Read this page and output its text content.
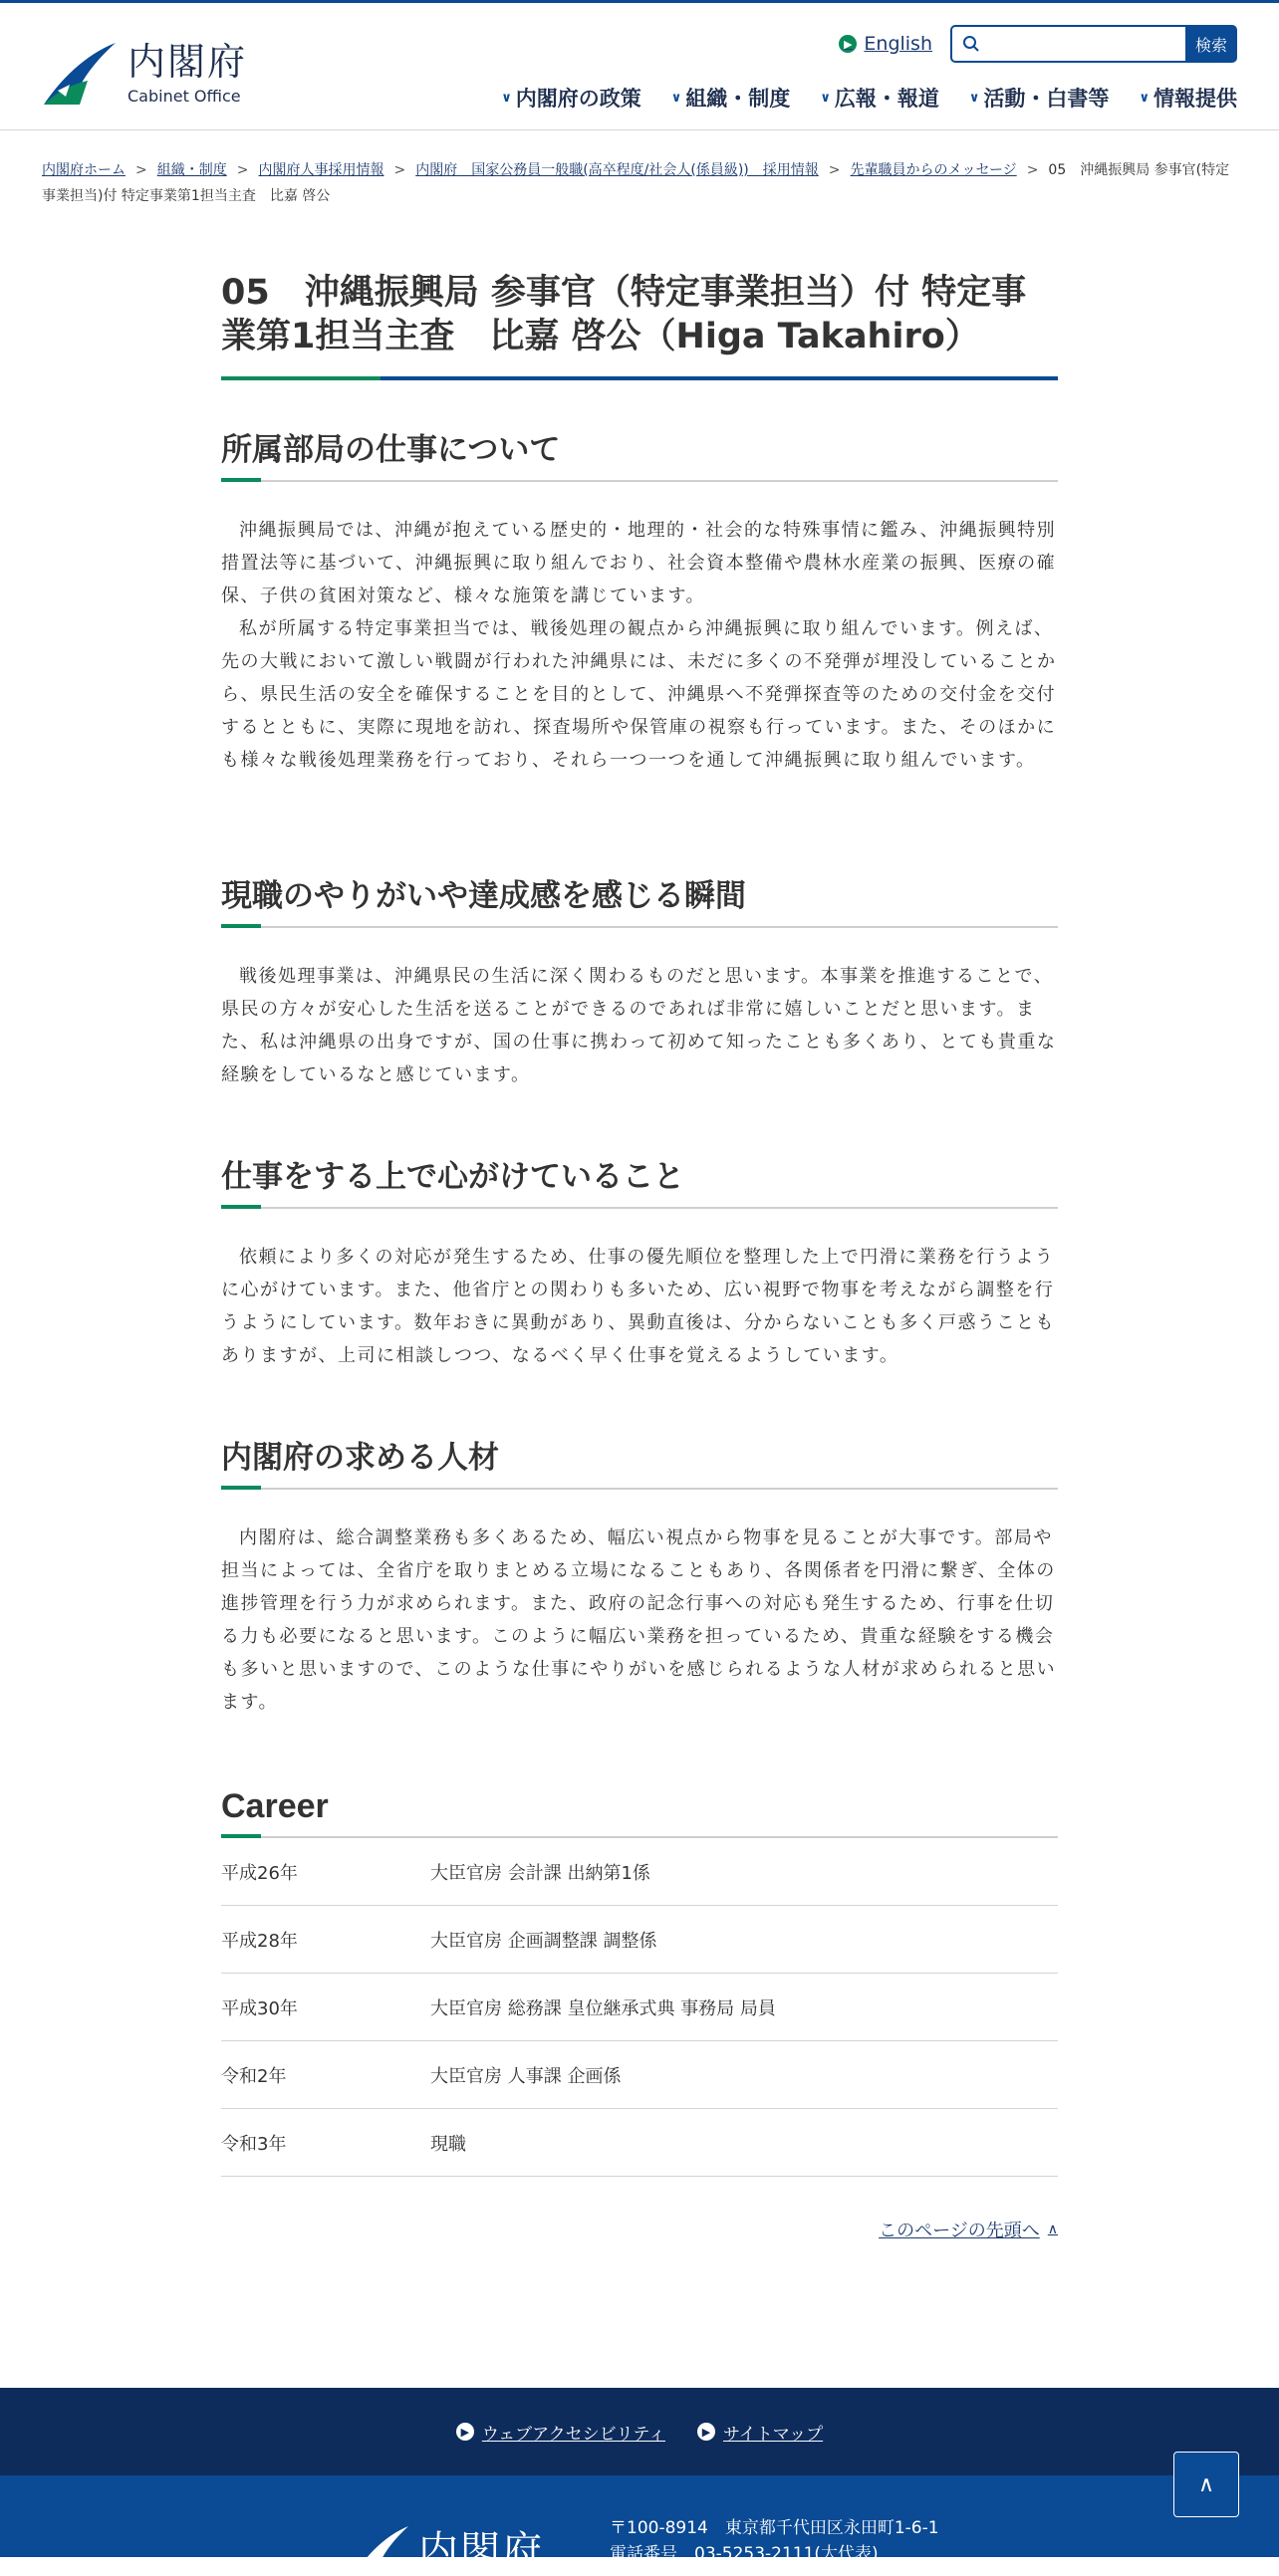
内閣府
Cabinet Office
▶ English	検索
∨ 内閣府の政策 ∨ 組織・制度 ∨ 広報・報道 ∨ 活動・白書等 ∨ 情報提供
内閣府ホーム > 組織・制度 > 内閣府人事採用情報 > 内閣府　国家公務員一般職(高卒程度/社会人(係員級))　採用情報 > 先輩職員からのメッセージ > 05　沖縄振興局 参事官(特定事業担当)付 特定事業第1担当主査　比嘉 啓公
05　沖縄振興局 参事官（特定事業担当）付 特定事業第1担当主査　比嘉 啓公（Higa Takahiro）
所属部局の仕事について

沖縄振興局では、沖縄が抱えている歴史的・地理的・社会的な特殊事情に鑑み、沖縄振興特別措置法等に基づいて、沖縄振興に取り組んでおり、社会資本整備や農林水産業の振興、医療の確保、子供の貧困対策など、様々な施策を講じています。

私が所属する特定事業担当では、戦後処理の観点から沖縄振興に取り組んでいます。例えば、先の大戦において激しい戦闘が行われた沖縄県には、未だに多くの不発弾が埋没していることから、県民生活の安全を確保することを目的として、沖縄県へ不発弾探査等のための交付金を交付するとともに、実際に現地を訪れ、探査場所や保管庫の視察も行っています。また、そのほかにも様々な戦後処理業務を行っており、それら一つ一つを通して沖縄振興に取り組んでいます。

現職のやりがいや達成感を感じる瞬間

戦後処理事業は、沖縄県民の生活に深く関わるものだと思います。本事業を推進することで、県民の方々が安心した生活を送ることができるのであれば非常に嬉しいことだと思います。また、私は沖縄県の出身ですが、国の仕事に携わって初めて知ったことも多くあり、とても貴重な経験をしているなと感じています。

仕事をする上で心がけていること

依頼により多くの対応が発生するため、仕事の優先順位を整理した上で円滑に業務を行うように心がけています。また、他省庁との関わりも多いため、広い視野で物事を考えながら調整を行うようにしています。数年おきに異動があり、異動直後は、分からないことも多く戸惑うこともありますが、上司に相談しつつ、なるべく早く仕事を覚えるようしています。

内閣府の求める人材

内閣府は、総合調整業務も多くあるため、幅広い視点から物事を見ることが大事です。部局や担当によっては、全省庁を取りまとめる立場になることもあり、各関係者を円滑に繋ぎ、全体の進捗管理を行う力が求められます。また、政府の記念行事への対応も発生するため、行事を仕切る力も必要になると思います。このように幅広い業務を担っているため、貴重な経験をする機会も多いと思いますので、このような仕事にやりがいを感じられるような人材が求められると思います。

Career
平成26年	大臣官房 会計課 出納第1係
平成28年	大臣官房 企画調整課 調整係
平成30年	大臣官房 総務課 皇位継承式典 事務局 局員
令和2年	大臣官房 人事課 企画係
令和3年	現職
このページの先頭へ ∧
▶ ウェブアクセシビリティ	▶ サイトマップ
内閣府	〒100-8914　東京都千代田区永田町1-6-1
電話番号　03-5253-2111(大代表)
∧
